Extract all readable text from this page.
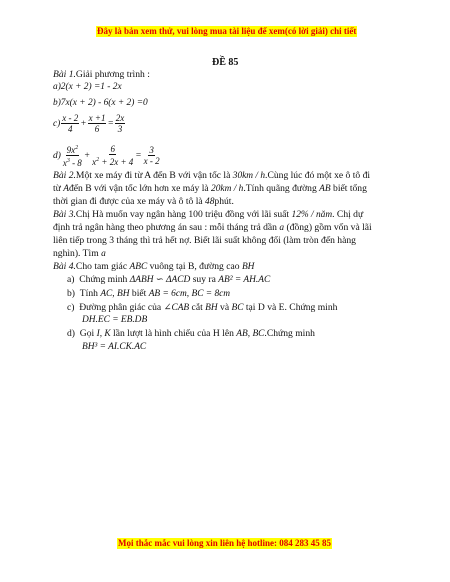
Đây là bản xem thử, vui lòng mua tài liệu để xem(có lời giải) chi tiết
ĐỀ 85
Bài 1.Giải phương trình :
a)2(x + 2) =1 - 2x
b)7x(x + 2) - 6(x + 2) =0
$c) \frac{x - 2}{4} + \frac{x +1}{6} = \frac{2x}{3}$
$d) \frac{9x^2}{x^3 - 8} + \frac{6}{x^2 + 2x + 4} = \frac{3}{x - 2}$
Bài 2.Một xe máy đi từ A đến B với vận tốc là 30km / h.Cùng lúc đó một xe ô tô đi
từ Ađến B với vận tốc lớn hơn xe máy là 20km / h.Tính quãng đường AB biết tổng
thời gian đi được của xe máy và ô tô là 48phút.
Bài 3.Chị Hà muốn vay ngân hàng 100 triệu đồng với lãi suất 12% / năm. Chị dự
định trả ngân hàng theo phương án sau : mỗi tháng trả dần a (đồng) gồm vốn và lãi
liên tiếp trong 3 tháng thì trả hết nợ. Biết lãi suất không đổi (làm tròn đến hàng
nghìn). Tìm a
Bài 4.Cho tam giác ABC vuông tại B, đường cao BH
a) Chứng minh ΔABH ∽ ΔACD suy ra AB² = AH.AC
b) Tính AC, BH biết AB = 6cm, BC = 8cm
c) Đường phân giác của ∠CAB cắt BH và BC tại D và E. Chứng minh
DH.EC = EB.DB
d) Gọi I, K lần lượt là hình chiếu của H lên AB, BC.Chứng minh
BH³ = AI.CK.AC
Mọi thắc mắc vui lòng xin liên hệ hotline: 084 283 45 85
